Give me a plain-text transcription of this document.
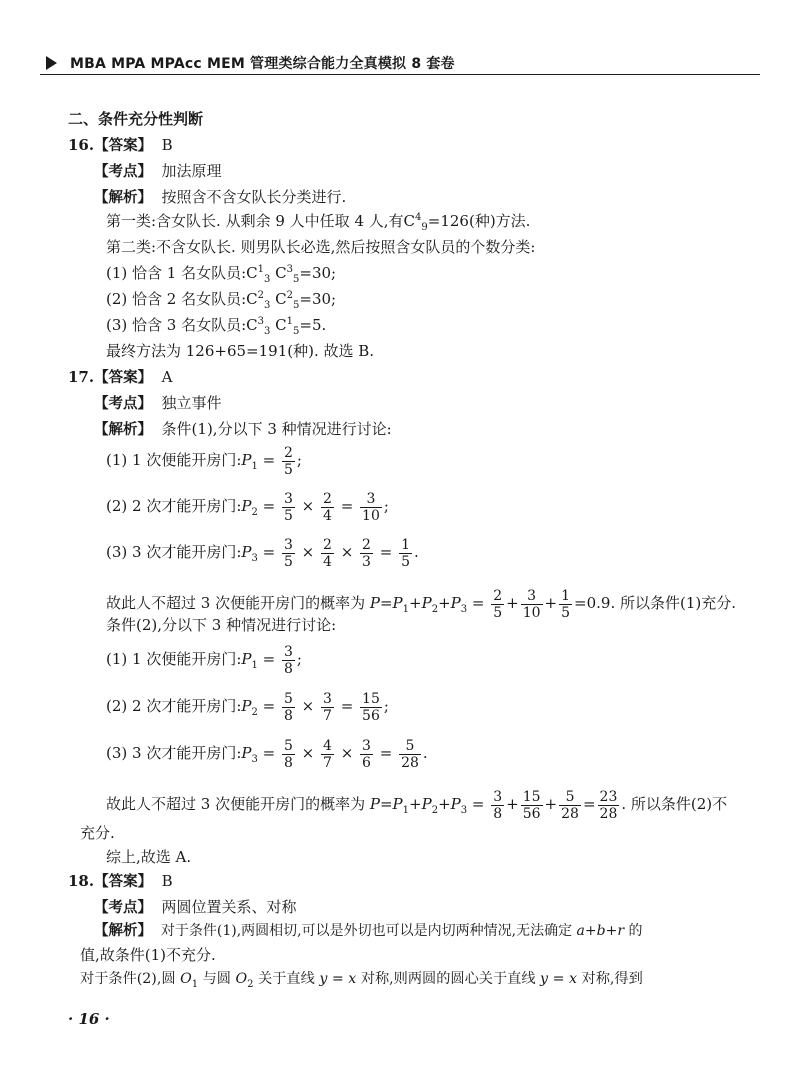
MBA MPA MPAcc MEM 管理类综合能力全真模拟 8 套卷
二、条件充分性判断
16.【答案】 B
【考点】 加法原理
【解析】 按照含不含女队长分类进行.
第一类:含女队长. 从剩余 9 人中任取 4 人,有$C^4_9=126$(种)方法.
第二类:不含女队长. 则男队长必选,然后按照含女队员的个数分类:
(1) 恰含 1 名女队员$:C^1_3$ $C^3_5=30$;
(2) 恰含 2 名女队员$:C^2_3$ $C^2_5=30$;
(3) 恰含 3 名女队员$:C^3_3$ $C^1_5=5$.
最终方法为 126+65=191(种). 故选 B.
17.【答案】 A
【考点】 独立事件
【解析】 条件(1),分以下 3 种情况进行讨论:
(1) 1 次便能开房门$:P_1 = \frac{2}{5}$ ;
(2) 2 次才能开房门$:P_2 = \frac{3}{5} \times \frac{2}{4} = \frac{3}{10}$ ;
(3) 3 次才能开房门$:P_3 = \frac{3}{5} \times \frac{2}{4} \times \frac{2}{3} = \frac{1}{5}$ .
故此人不超过 3 次便能开房门的概率为 $P=P_1+P_2+P_3 = \frac{2}{5} + \frac{3}{10} + \frac{1}{5} =0.9$. 所以条件(1)充分.
条件(2),分以下 3 种情况进行讨论:
(1) 1 次便能开房门$:P_1 = \frac{3}{8}$ ;
(2) 2 次才能开房门$:P_2 = \frac{5}{8} \times \frac{3}{7} = \frac{15}{56}$ ;
(3) 3 次才能开房门$:P_3 = \frac{5}{8} \times \frac{4}{7} \times \frac{3}{6} = \frac{5}{28}$ .
故此人不超过 3 次便能开房门的概率为 $P=P_1+P_2+P_3 = \frac{3}{8} + \frac{15}{56} + \frac{5}{28} = \frac{23}{28}$ . 所以条件(2)不
充分.
综上,故选 A.
18.【答案】 B
【考点】 两圆位置关系、对称
【解析】 对于条件(1),两圆相切,可以是外切也可以是内切两种情况,无法确定 a+b+r 的
值,故条件(1)不充分.
对于条件(2),圆 $O_1$ 与圆 $O_2$ 关于直线 y = x 对称,则两圆的圆心关于直线 y = x 对称,得到
· 16 ·
